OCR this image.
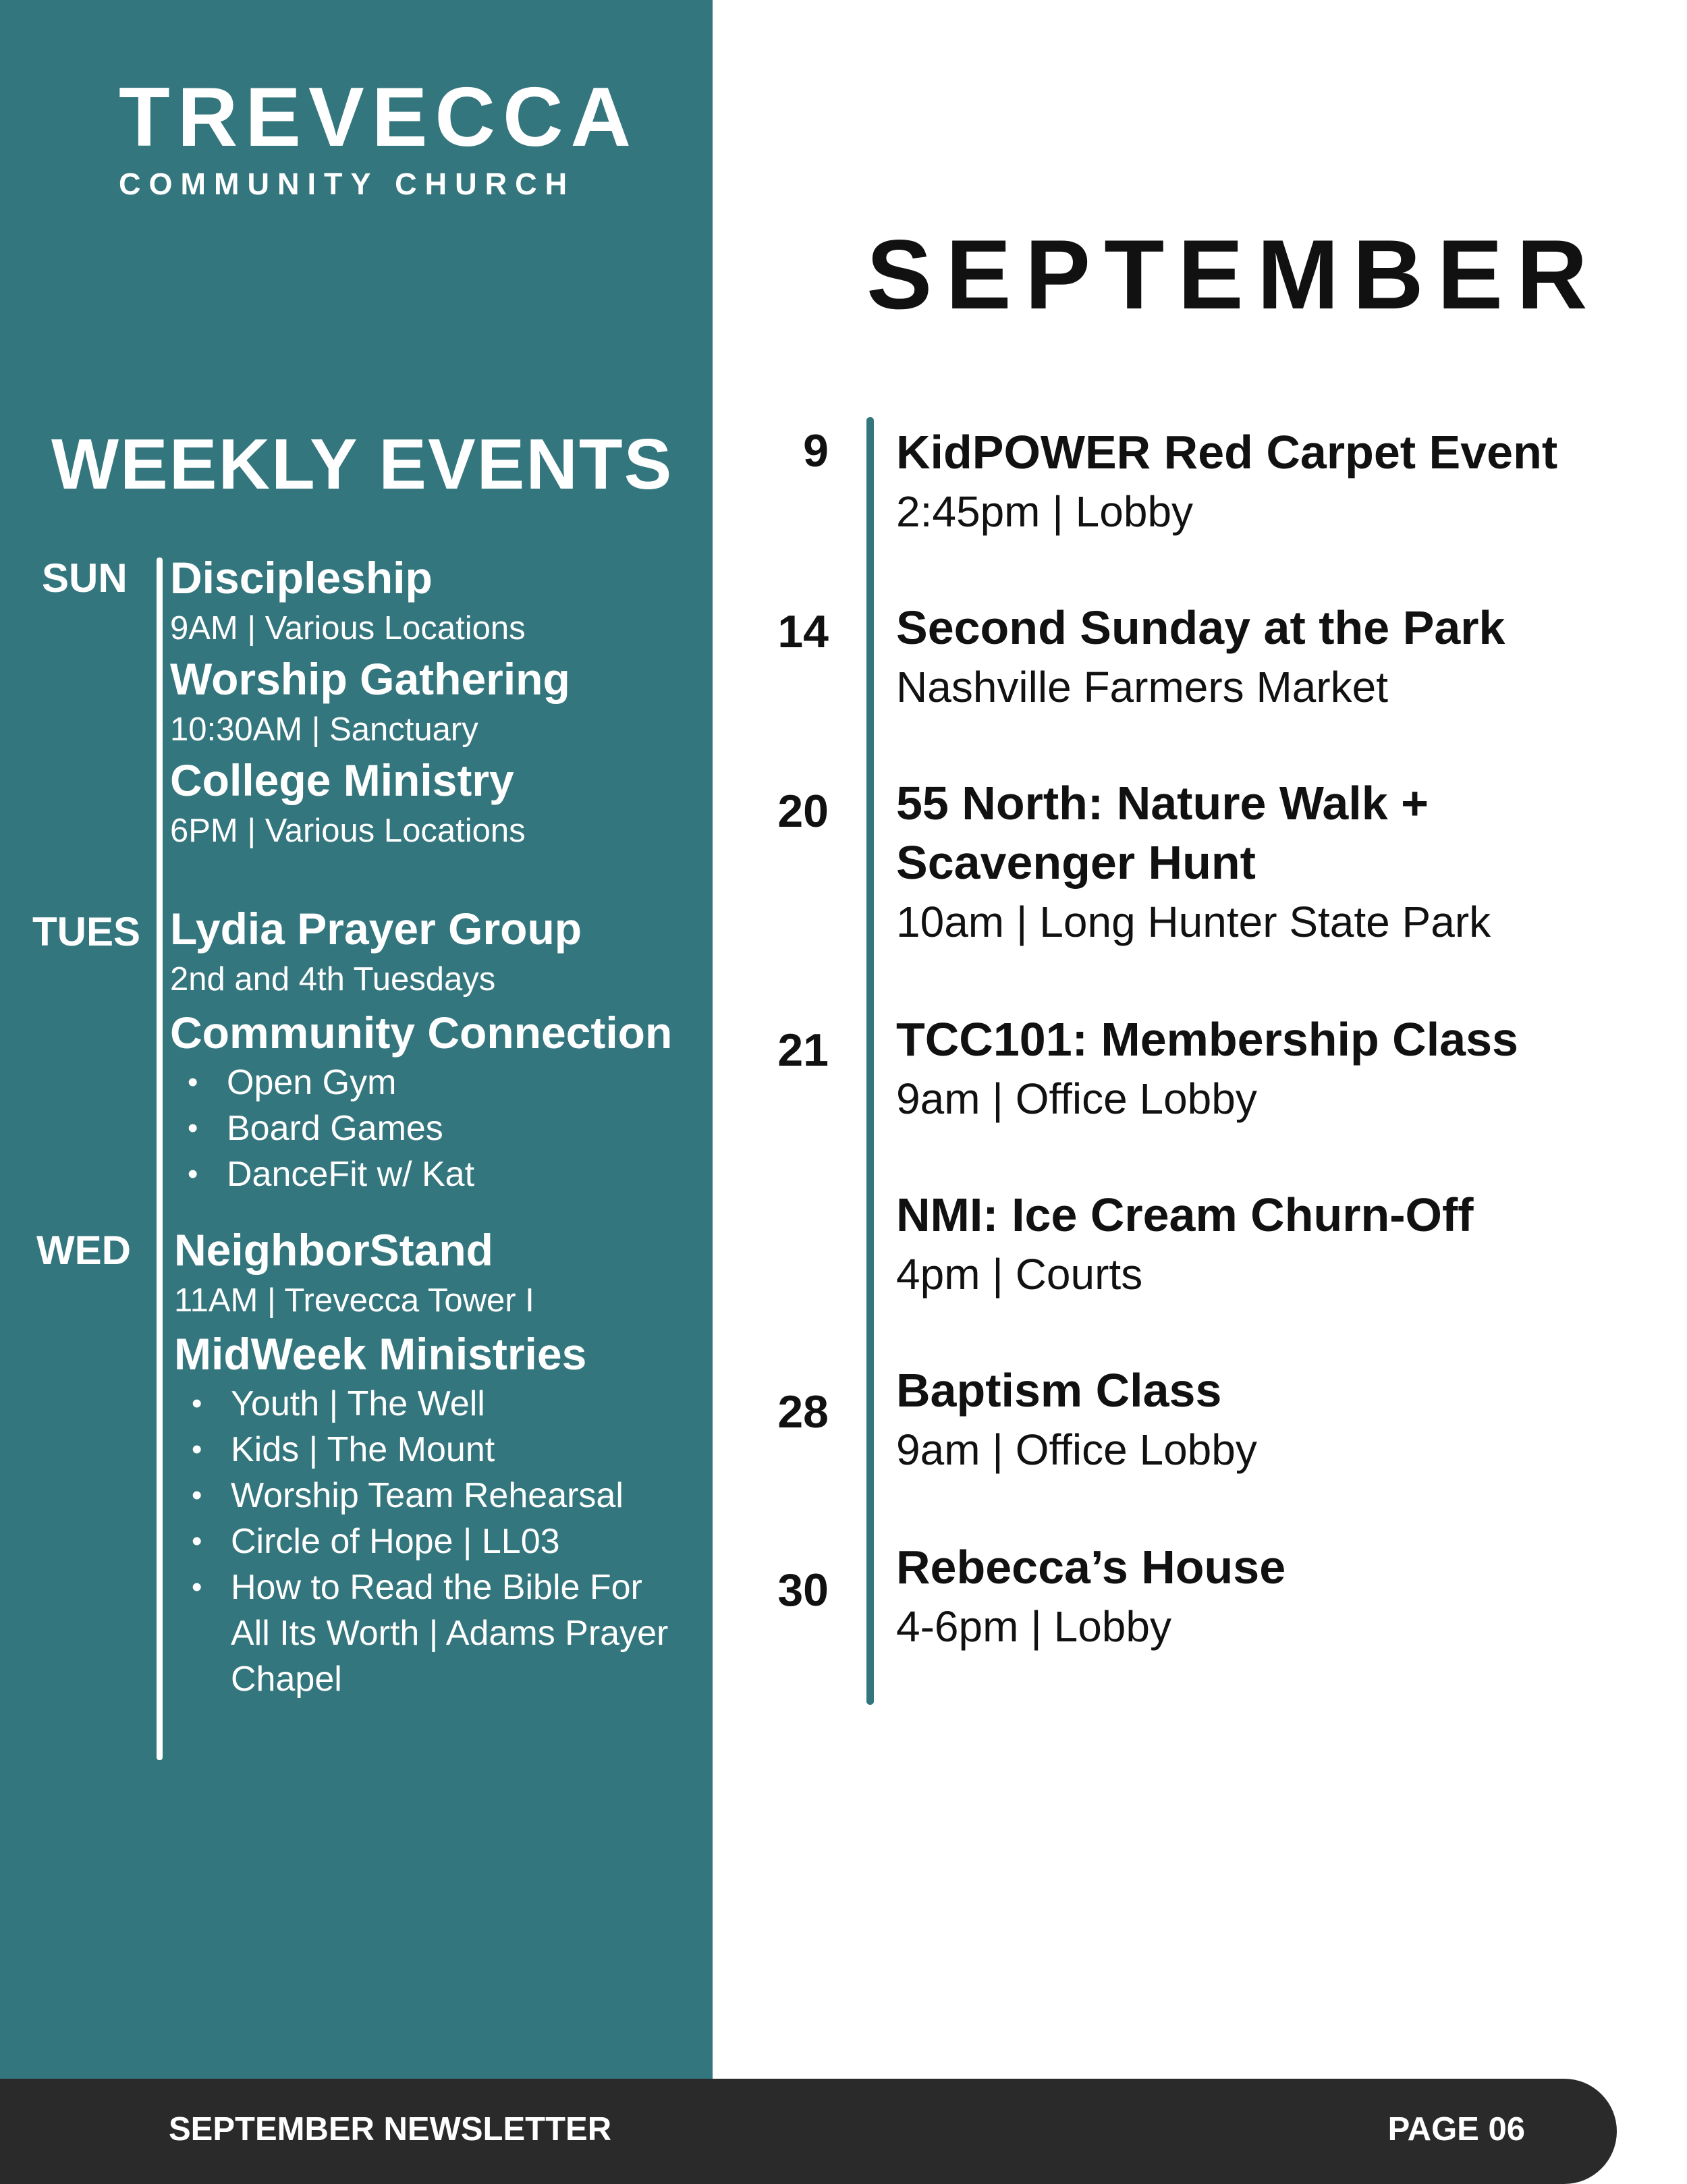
TREVECCA
COMMUNITY CHURCH
WEEKLY EVENTS
SUN Discipleship
9AM | Various Locations
Worship Gathering
10:30AM | Sanctuary
College Ministry
6PM | Various Locations
TUES Lydia Prayer Group
2nd and 4th Tuesdays
Community Connection
• Open Gym
• Board Games
• DanceFit w/ Kat
WED NeighborStand
11AM | Trevecca Tower I
MidWeek Ministries
• Youth | The Well
• Kids | The Mount
• Worship Team Rehearsal
• Circle of Hope | LL03
• How to Read the Bible For All Its Worth | Adams Prayer Chapel
SEPTEMBER
9 KidPOWER Red Carpet Event
2:45pm | Lobby
14 Second Sunday at the Park
Nashville Farmers Market
20 55 North: Nature Walk + Scavenger Hunt
10am | Long Hunter State Park
21 TCC101: Membership Class
9am | Office Lobby
NMI: Ice Cream Churn-Off
4pm | Courts
28 Baptism Class
9am | Office Lobby
30 Rebecca’s House
4-6pm | Lobby
SEPTEMBER NEWSLETTER	PAGE 06
